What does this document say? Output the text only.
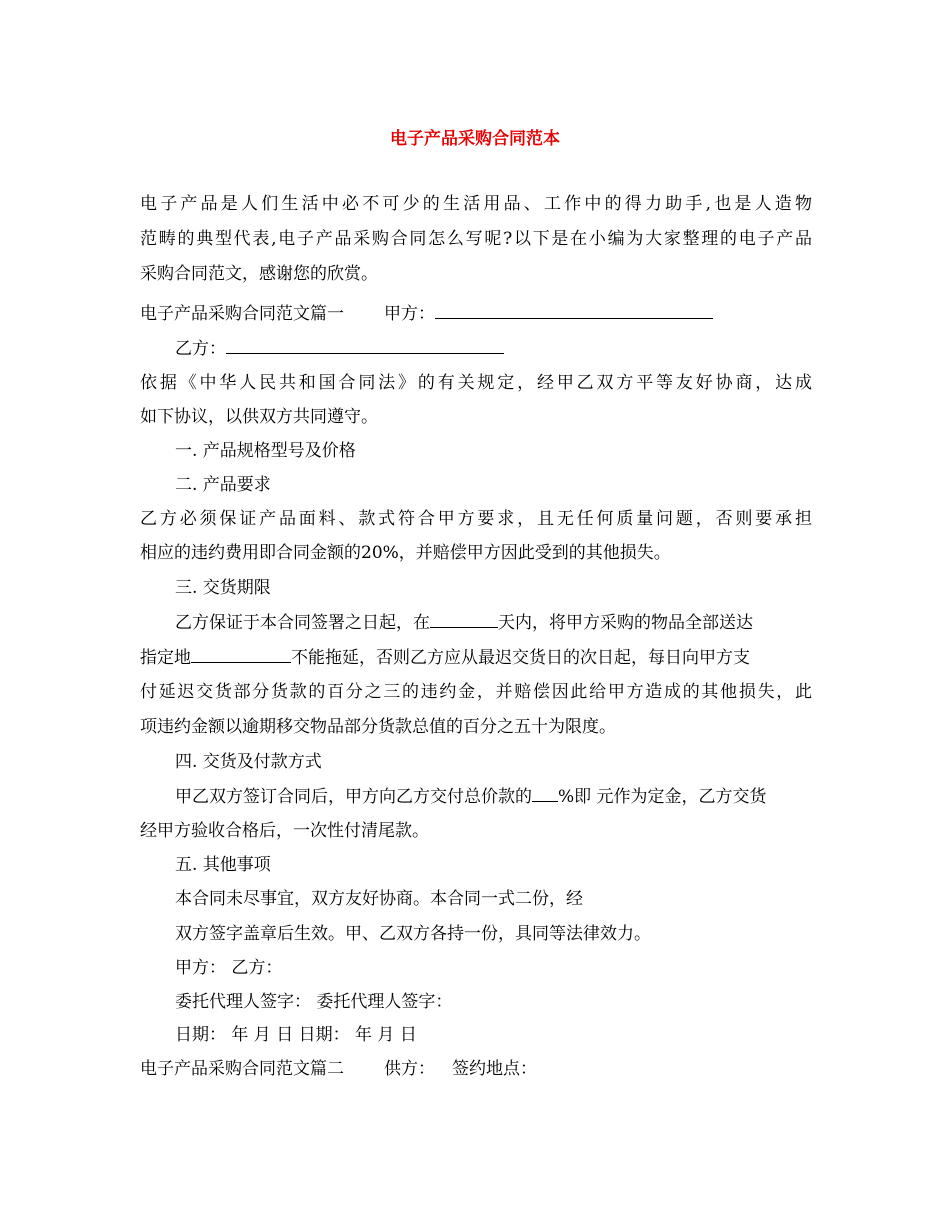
电子产品采购合同范本
电子产品是人们生活中必不可少的生活用品、工作中的得力助手,也是人造物
范畴的典型代表,电子产品采购合同怎么写呢?以下是在小编为大家整理的电子产品
采购合同范文，感谢您的欣赏。
电子产品采购合同范文篇一 甲方：
乙方：
依据《中华人民共和国合同法》的有关规定，经甲乙双方平等友好协商，达成
如下协议，以供双方共同遵守。
一. 产品规格型号及价格
二. 产品要求
乙方必须保证产品面料、款式符合甲方要求，且无任何质量问题，否则要承担
相应的违约费用即合同金额的20%，并赔偿甲方因此受到的其他损失。
三. 交货期限
乙方保证于本合同签署之日起，在	天内，将甲方采购的物品全部送达
指定地	不能拖延，否则乙方应从最迟交货日的次日起，每日向甲方支
付延迟交货部分货款的百分之三的违约金，并赔偿因此给甲方造成的其他损失，此
项违约金额以逾期移交物品部分货款总值的百分之五十为限度。
四. 交货及付款方式
甲乙双方签订合同后，甲方向乙方交付总价款的 %即 元作为定金，乙方交货
经甲方验收合格后，一次性付清尾款。
五. 其他事项
本合同未尽事宜，双方友好协商。本合同一式二份，经
双方签字盖章后生效。甲、乙双方各持一份，具同等法律效力。
甲方： 乙方：
委托代理人签字： 委托代理人签字：
日期： 年 月 日 日期： 年 月 日
电子产品采购合同范文篇二 供方： 签约地点：
